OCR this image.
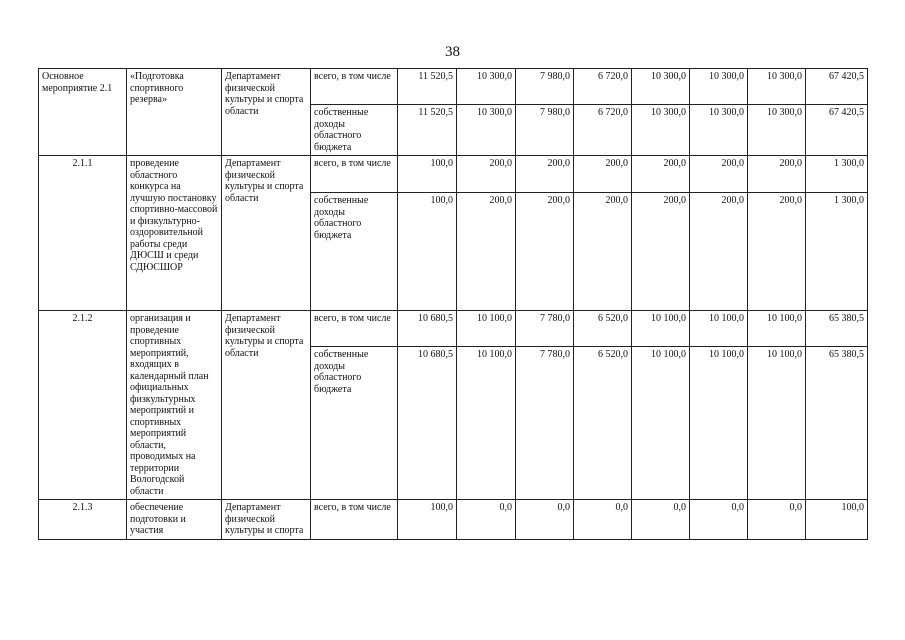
38
Основное мероприятие 2.1	«Подготовка спортивного резерва»	Департамент физической культуры и спорта области	всего, в том числе	11 520,5	10 300,0	7 980,0	6 720,0	10 300,0	10 300,0	10 300,0	67 420,5
			собственные доходы областного бюджета	11 520,5	10 300,0	7 980,0	6 720,0	10 300,0	10 300,0	10 300,0	67 420,5
2.1.1	проведение областного конкурса на лучшую постановку спортивно-массовой и физкультурно-оздоровительной работы среди ДЮСШ и среди СДЮСШОР	Департамент физической культуры и спорта области	всего, в том числе	100,0	200,0	200,0	200,0	200,0	200,0	200,0	1 300,0
			собственные доходы областного бюджета	100,0	200,0	200,0	200,0	200,0	200,0	200,0	1 300,0
2.1.2	организация и проведение спортивных мероприятий, входящих в календарный план официальных физкультурных мероприятий и спортивных мероприятий области, проводимых на территории Вологодской области	Департамент физической культуры и спорта области	всего, в том числе	10 680,5	10 100,0	7 780,0	6 520,0	10 100,0	10 100,0	10 100,0	65 380,5
			собственные доходы областного бюджета	10 680,5	10 100,0	7 780,0	6 520,0	10 100,0	10 100,0	10 100,0	65 380,5
2.1.3	обеспечение подготовки и участия	Департамент физической культуры и спорта	всего, в том числе	100,0	0,0	0,0	0,0	0,0	0,0	0,0	100,0
